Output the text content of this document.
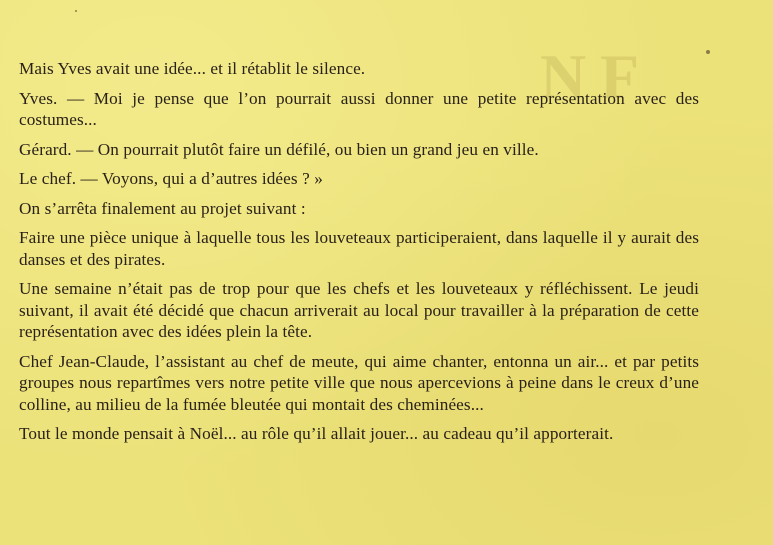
N F

Mais Yves avait une idée... et il rétablit le silence.

Yves. — Moi je pense que l’on pourrait aussi donner une petite représentation avec des costumes...

Gérard. — On pourrait plutôt faire un défilé, ou bien un grand jeu en ville.

Le chef. — Voyons, qui a d’autres idées ? »

On s’arrêta finalement au projet suivant :

Faire une pièce unique à laquelle tous les louveteaux participeraient, dans laquelle il y aurait des danses et des pirates.

Une semaine n’était pas de trop pour que les chefs et les louveteaux y réfléchissent. Le jeudi suivant, il avait été décidé que chacun arriverait au local pour travailler à la préparation de cette représentation avec des idées plein la tête.

Chef Jean-Claude, l’assistant au chef de meute, qui aime chanter, entonna un air... et par petits groupes nous repartîmes vers notre petite ville que nous apercevions à peine dans le creux d’une colline, au milieu de la fumée bleutée qui montait des cheminées...

Tout le monde pensait à Noël... au rôle qu’il allait jouer... au cadeau qu’il apporterait.
